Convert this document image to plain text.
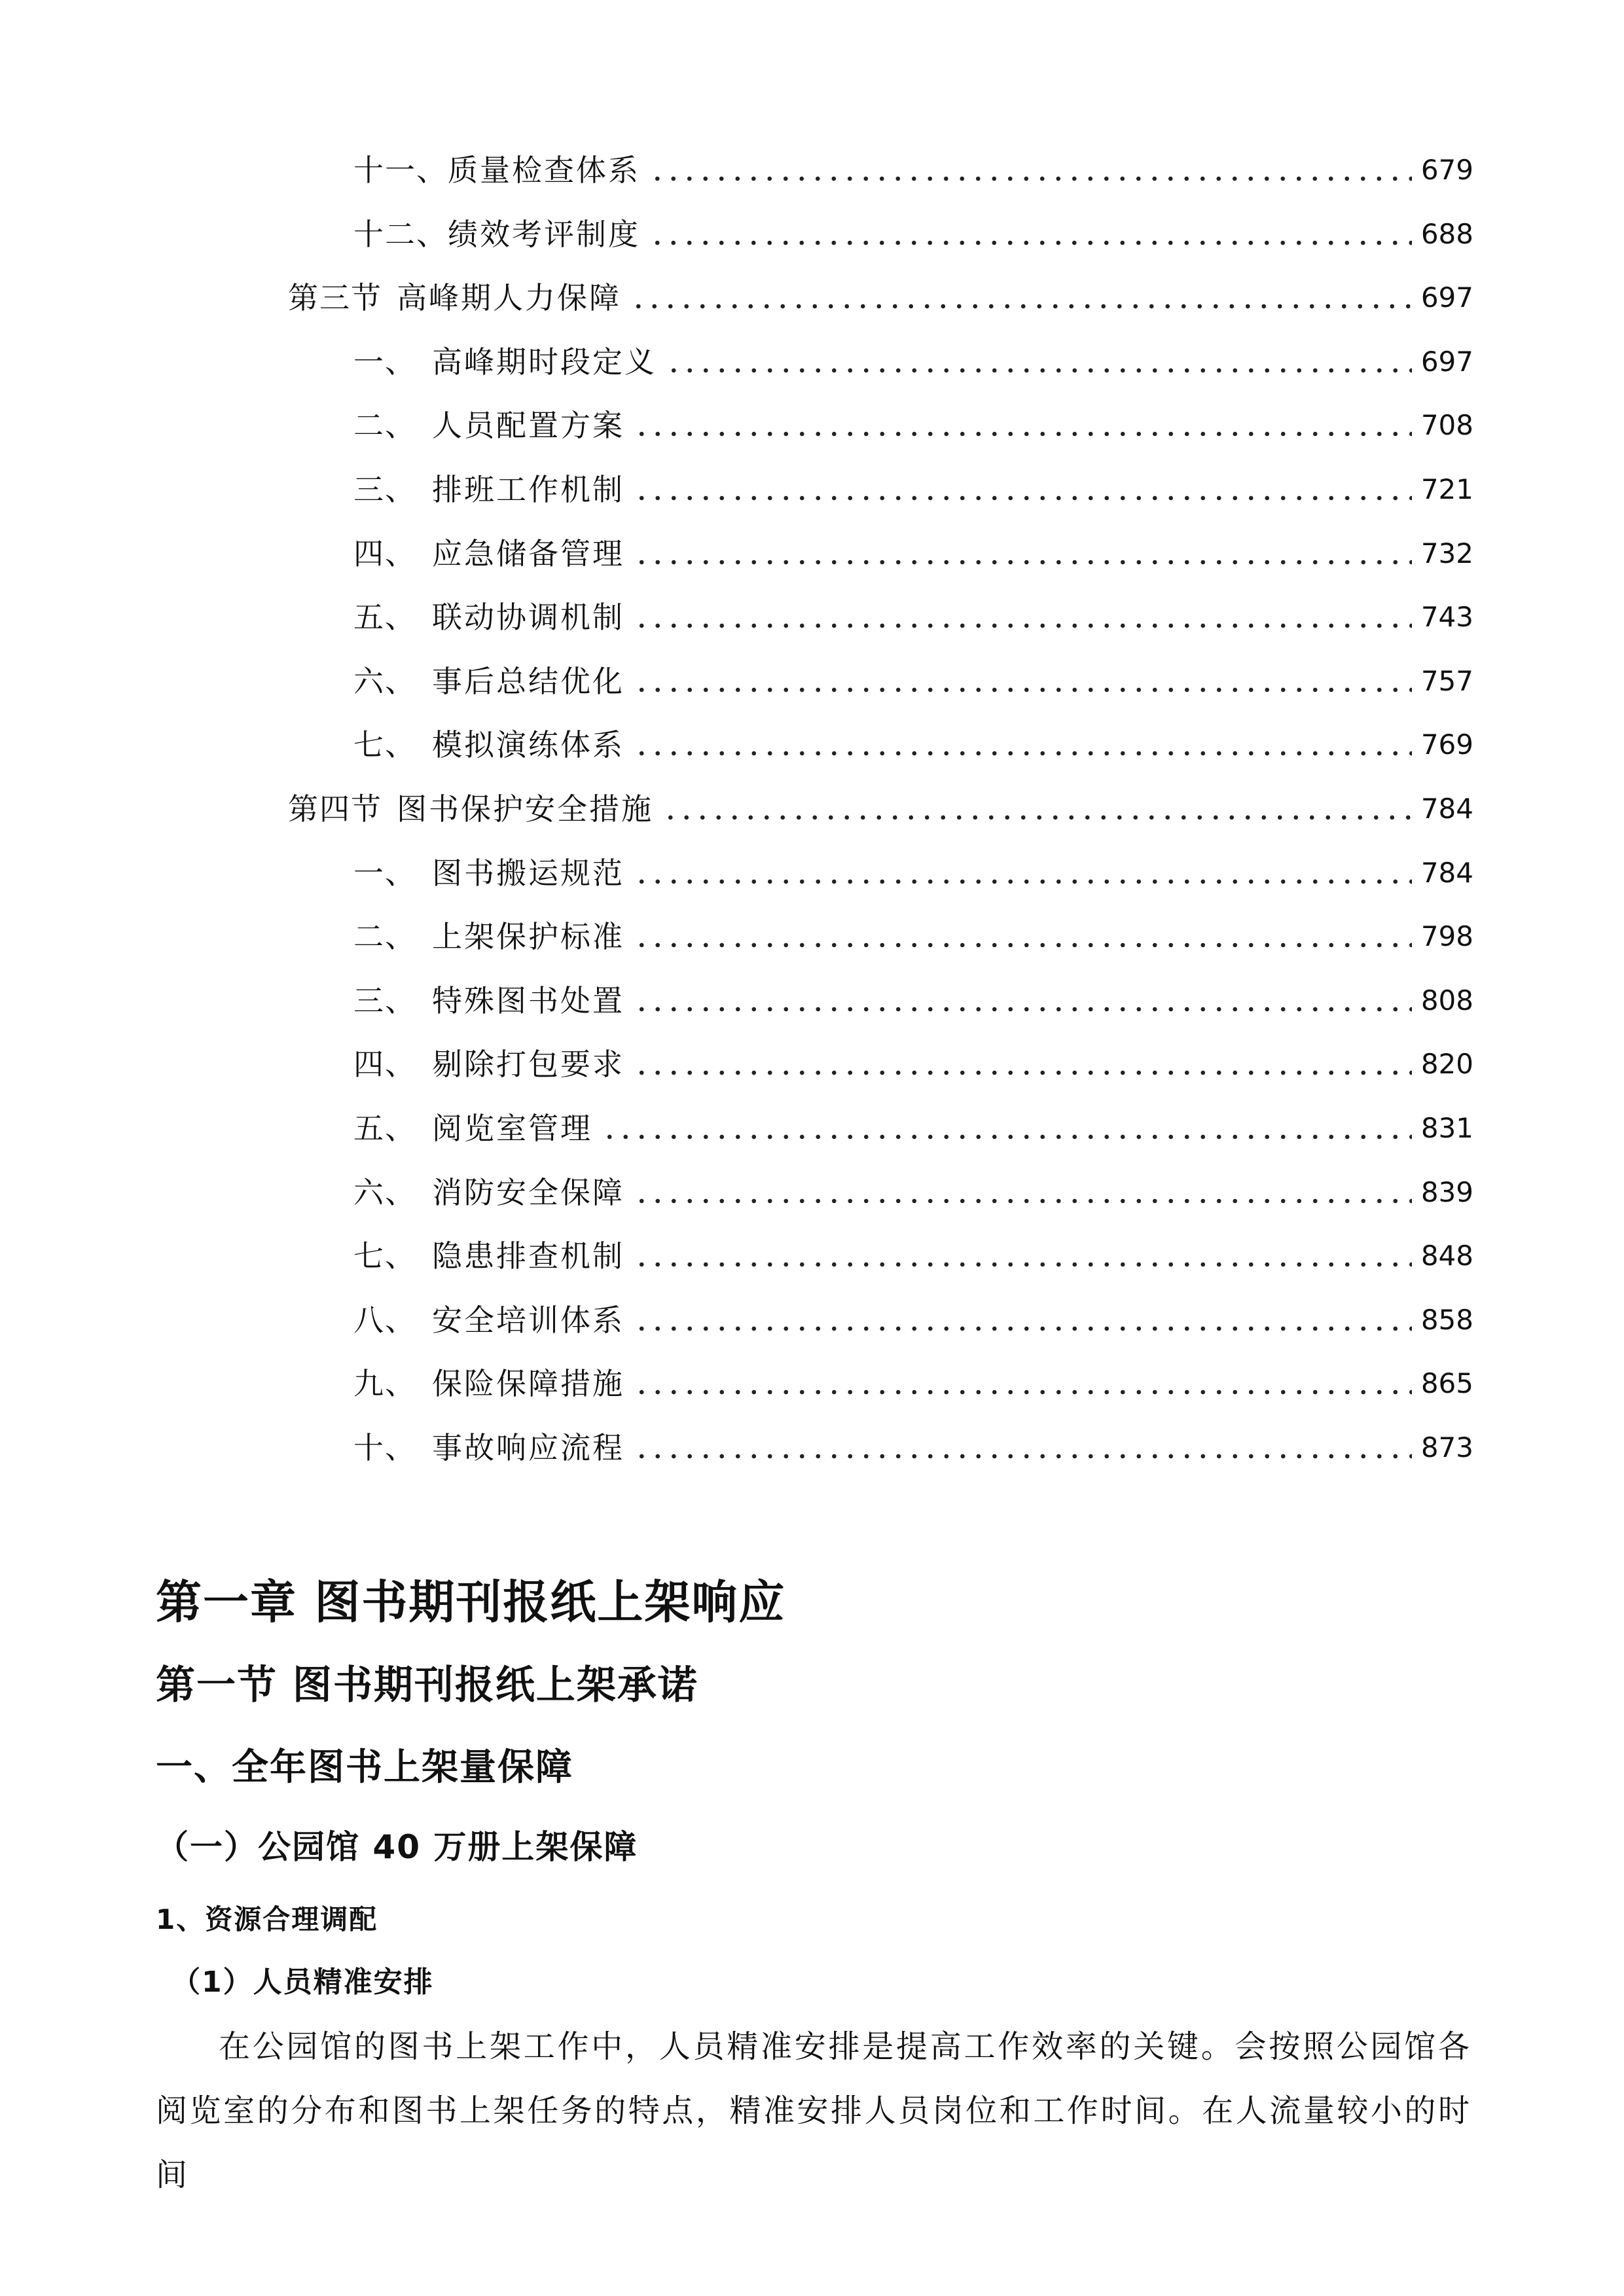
十一、 质量检查体系	679
十二、 绩效考评制度	688
第三节 高峰期人力保障	697
一、 高峰期时段定义	697
二、 人员配置方案	708
三、 排班工作机制	721
四、 应急储备管理	732
五、 联动协调机制	743
六、 事后总结优化	757
七、 模拟演练体系	769
第四节 图书保护安全措施	784
一、 图书搬运规范	784
二、 上架保护标准	798
三、 特殊图书处置	808
四、 剔除打包要求	820
五、 阅览室管理	831
六、 消防安全保障	839
七、 隐患排查机制	848
八、 安全培训体系	858
九、 保险保障措施	865
十、 事故响应流程	873
第一章 图书期刊报纸上架响应
第一节 图书期刊报纸上架承诺
一、全年图书上架量保障
（一）公园馆 40 万册上架保障
1、资源合理调配
（1）人员精准安排
在公园馆的图书上架工作中，人员精准安排是提高工作效率的关键。会按照公园馆各阅览室的分布和图书上架任务的特点，精准安排人员岗位和工作时间。在人流量较小的时间
